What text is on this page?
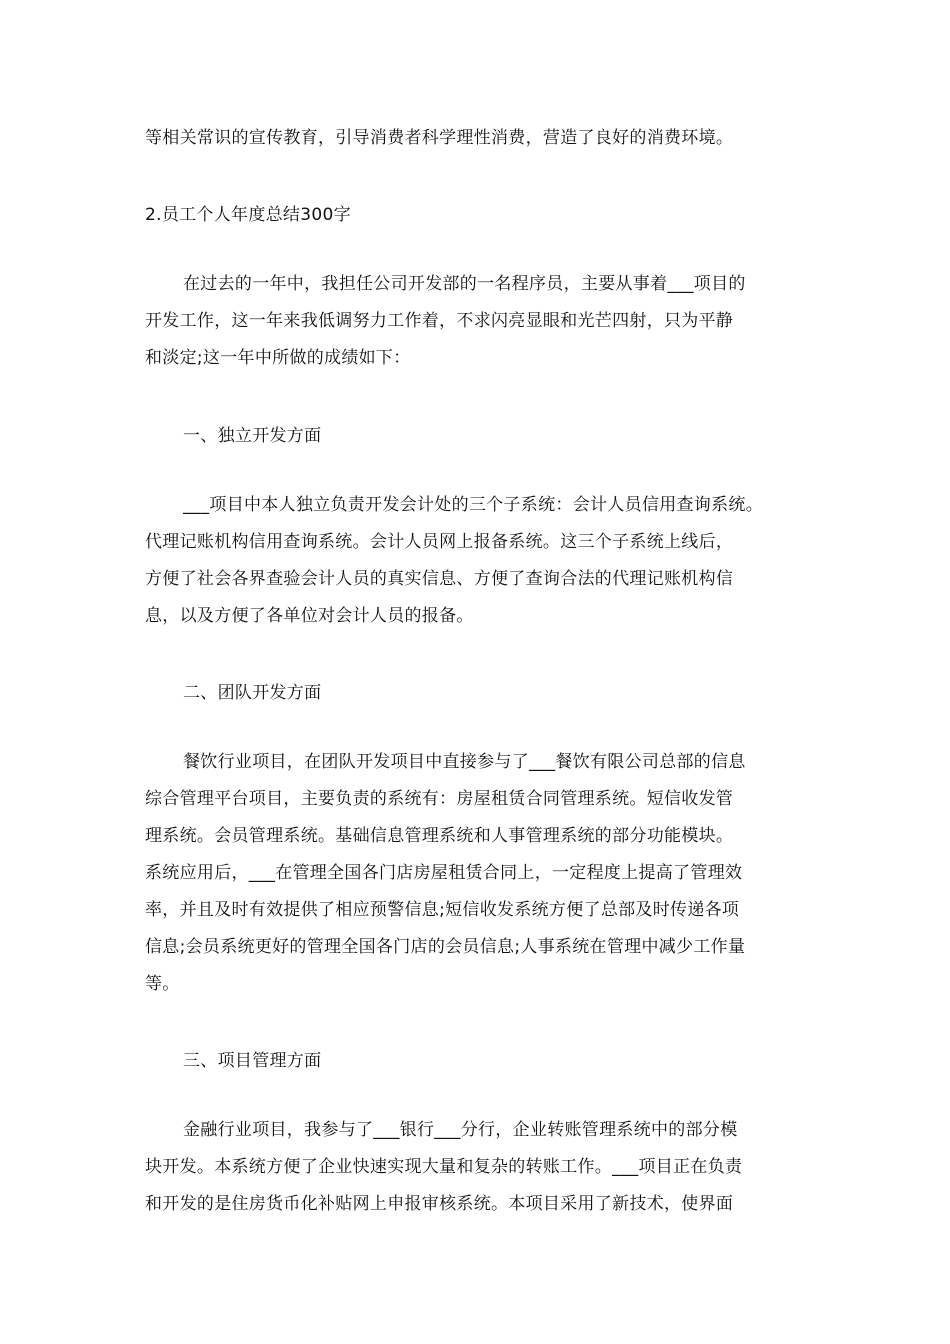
等相关常识的宣传教育，引导消费者科学理性消费，营造了良好的消费环境。
2.员工个人年度总结300字
在过去的一年中，我担任公司开发部的一名程序员，主要从事着___项目的
开发工作，这一年来我低调努力工作着，不求闪亮显眼和光芒四射，只为平静
和淡定;这一年中所做的成绩如下：
一、独立开发方面
___项目中本人独立负责开发会计处的三个子系统：会计人员信用查询系统。
代理记账机构信用查询系统。会计人员网上报备系统。这三个子系统上线后，
方便了社会各界查验会计人员的真实信息、方便了查询合法的代理记账机构信
息，以及方便了各单位对会计人员的报备。
二、团队开发方面
餐饮行业项目，在团队开发项目中直接参与了___餐饮有限公司总部的信息
综合管理平台项目，主要负责的系统有：房屋租赁合同管理系统。短信收发管
理系统。会员管理系统。基础信息管理系统和人事管理系统的部分功能模块。
系统应用后，___在管理全国各门店房屋租赁合同上，一定程度上提高了管理效
率，并且及时有效提供了相应预警信息;短信收发系统方便了总部及时传递各项
信息;会员系统更好的管理全国各门店的会员信息;人事系统在管理中减少工作量
等。
三、项目管理方面
金融行业项目，我参与了___银行___分行，企业转账管理系统中的部分模
块开发。本系统方便了企业快速实现大量和复杂的转账工作。___项目正在负责
和开发的是住房货币化补贴网上申报审核系统。本项目采用了新技术，使界面
